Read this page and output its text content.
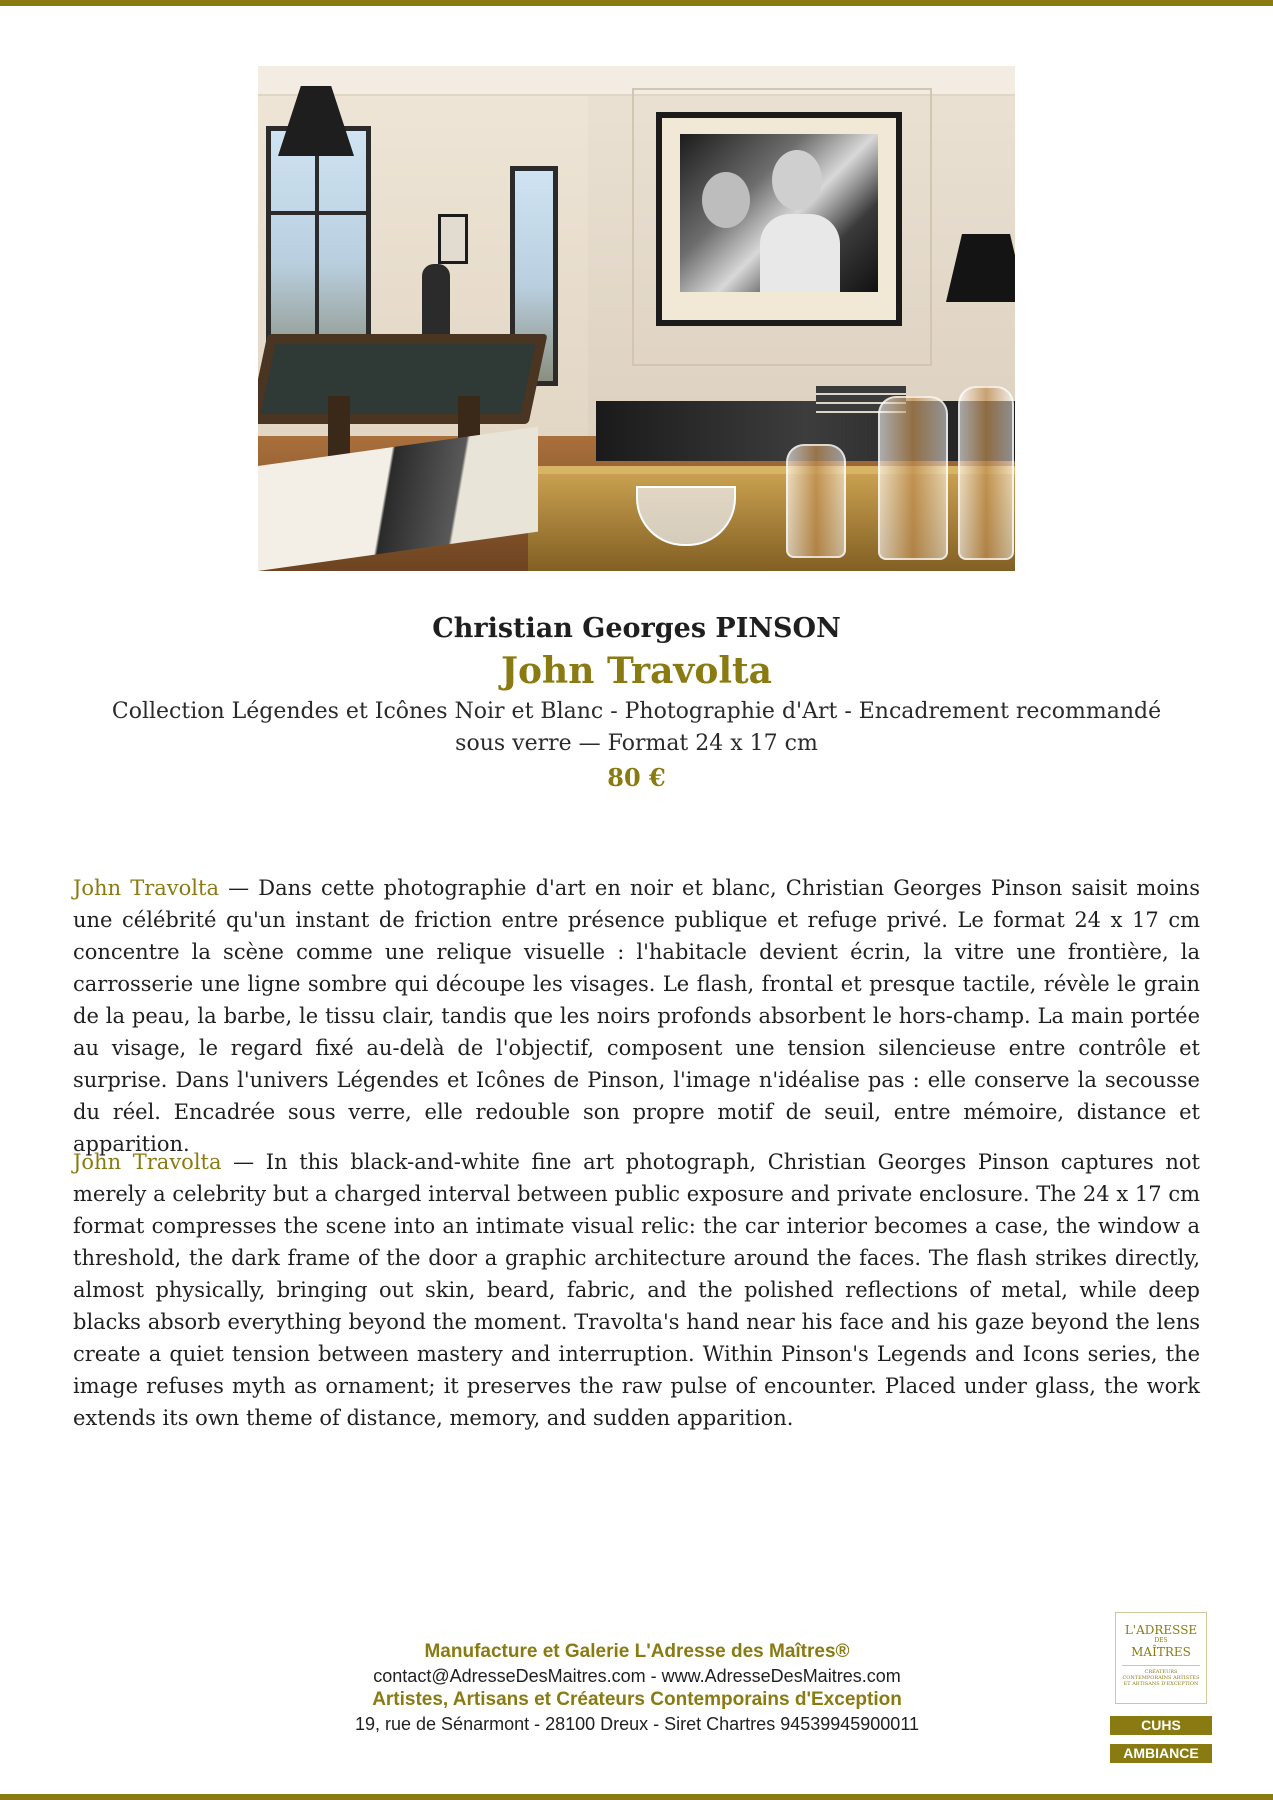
Christian Georges PINSON
John Travolta
Collection Légendes et Icônes Noir et Blanc - Photographie d'Art - Encadrement recommandé sous verre — Format 24 x 17 cm
80 €

John Travolta — Dans cette photographie d'art en noir et blanc, Christian Georges Pinson saisit moins une célébrité qu'un instant de friction entre présence publique et refuge privé. Le format 24 x 17 cm concentre la scène comme une relique visuelle : l'habitacle devient écrin, la vitre une frontière, la carrosserie une ligne sombre qui découpe les visages. Le flash, frontal et presque tactile, révèle le grain de la peau, la barbe, le tissu clair, tandis que les noirs profonds absorbent le hors-champ. La main portée au visage, le regard fixé au-delà de l'objectif, composent une tension silencieuse entre contrôle et surprise. Dans l'univers Légendes et Icônes de Pinson, l'image n'idéalise pas : elle conserve la secousse du réel. Encadrée sous verre, elle redouble son propre motif de seuil, entre mémoire, distance et apparition.

John Travolta — In this black-and-white fine art photograph, Christian Georges Pinson captures not merely a celebrity but a charged interval between public exposure and private enclosure. The 24 x 17 cm format compresses the scene into an intimate visual relic: the car interior becomes a case, the window a threshold, the dark frame of the door a graphic architecture around the faces. The flash strikes directly, almost physically, bringing out skin, beard, fabric, and the polished reflections of metal, while deep blacks absorb everything beyond the moment. Travolta's hand near his face and his gaze beyond the lens create a quiet tension between mastery and interruption. Within Pinson's Legends and Icons series, the image refuses myth as ornament; it preserves the raw pulse of encounter. Placed under glass, the work extends its own theme of distance, memory, and sudden apparition.

Manufacture et Galerie L'Adresse des Maîtres®
contact@AdresseDesMaitres.com - www.AdresseDesMaitres.com
Artistes, Artisans et Créateurs Contemporains d'Exception
19, rue de Sénarmont - 28100 Dreux - Siret Chartres 94539945900011
L'ADRESSE
DES
MAÎTRES
CRÉATEURS CONTEMPORAINS ARTISTES ET ARTISANS D'EXCEPTION
CUHS
AMBIANCE
